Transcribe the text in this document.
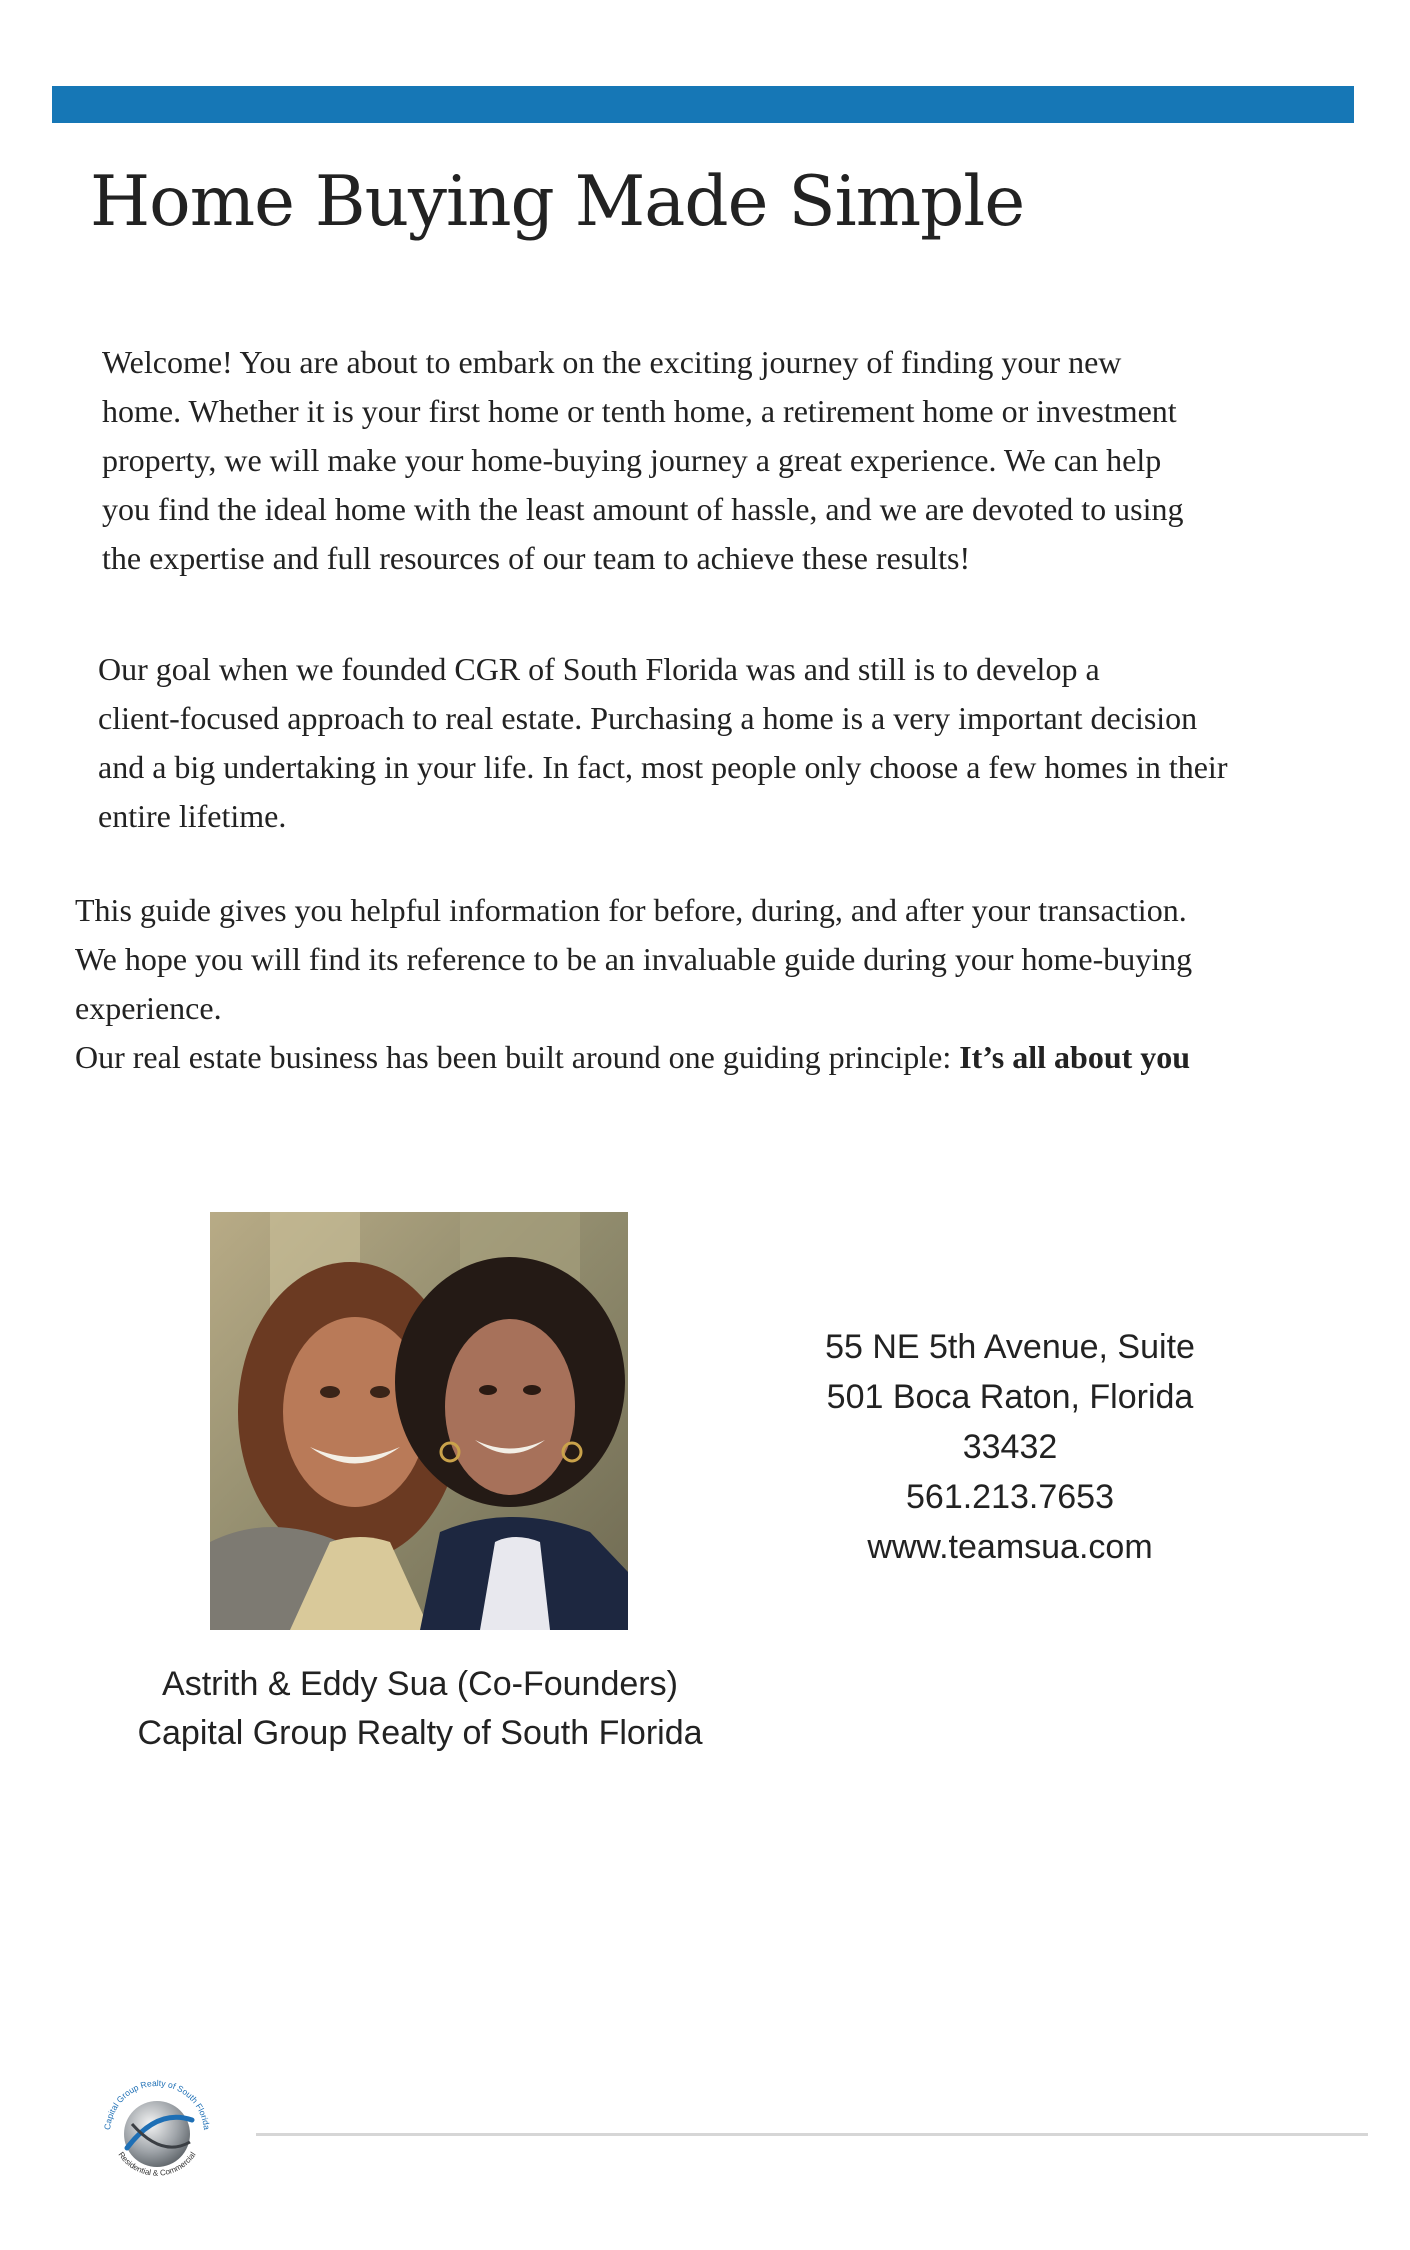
Home Buying Made Simple

Welcome! You are about to embark on the exciting journey of finding your new
home. Whether it is your first home or tenth home, a retirement home or investment
property, we will make your home-buying journey a great experience. We can help
you find the ideal home with the least amount of hassle, and we are devoted to using
the expertise and full resources of our team to achieve these results!

Our goal when we founded CGR of South Florida was and still is to develop a
client-focused approach to real estate. Purchasing a home is a very important decision
and a big undertaking in your life. In fact, most people only choose a few homes in their
entire lifetime.

This guide gives you helpful information for before, during, and after your transaction.
We hope you will find its reference to be an invaluable guide during your home-buying
experience.
Our real estate business has been built around one guiding principle: It’s all about you
Astrith & Eddy Sua (Co-Founders)
Capital Group Realty of South Florida
55 NE 5th Avenue, Suite
501 Boca Raton, Florida
33432
561.213.7653
www.teamsua.com
Capital Group Realty of South Florida
Residential & Commercial
